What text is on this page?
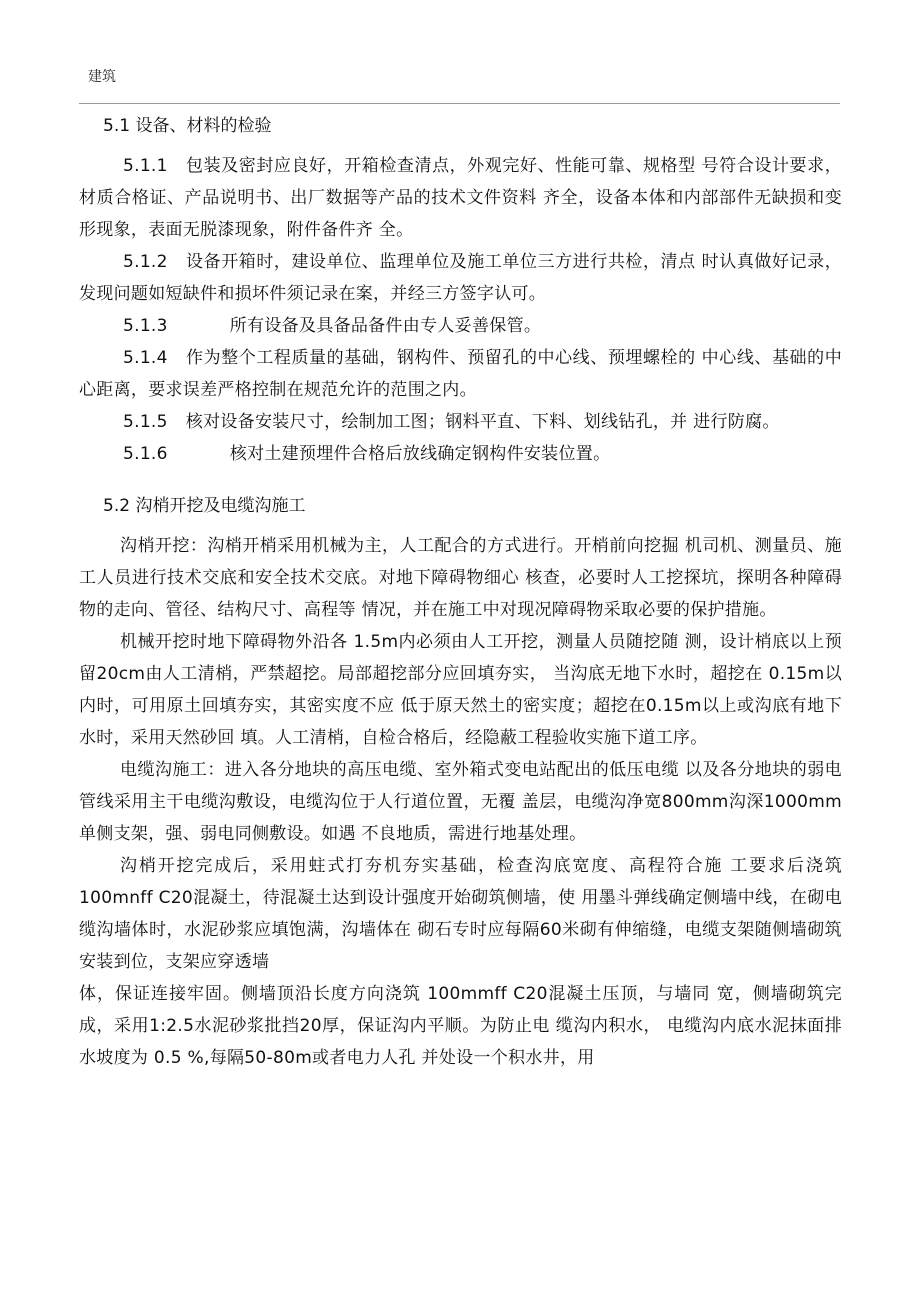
建筑

5.1 设备、材料的检验

5.1.1 包装及密封应良好，开箱检查清点，外观完好、性能可靠、规格型 号符合设计要求，材质合格证、产品说明书、出厂数据等产品的技术文件资料 齐全，设备本体和内部部件无缺损和变形现象，表面无脱漆现象，附件备件齐 全。

5.1.2 设备开箱时，建设单位、监理单位及施工单位三方进行共检，清点 时认真做好记录，发现问题如短缺件和损坏件须记录在案，并经三方签字认可。

5.1.3	所有设备及具备品备件由专人妥善保管。

5.1.4 作为整个工程质量的基础，钢构件、预留孔的中心线、预埋螺栓的 中心线、基础的中心距离，要求误差严格控制在规范允许的范围之内。

5.1.5 核对设备安装尺寸，绘制加工图；钢料平直、下料、划线钻孔，并 进行防腐。

5.1.6	核对土建预埋件合格后放线确定钢构件安装位置。

5.2 沟梢开挖及电缆沟施工

沟梢开挖：沟梢开梢采用机械为主，人工配合的方式进行。开梢前向挖掘 机司机、测量员、施工人员进行技术交底和安全技术交底。对地下障碍物细心 核查，必要时人工挖探坑，探明各种障碍物的走向、管径、结构尺寸、高程等 情况，并在施工中对现况障碍物采取必要的保护措施。

机械开挖时地下障碍物外沿各 1.5m内必须由人工开挖，测量人员随挖随 测，设计梢底以上预留20cm由人工清梢，严禁超挖。局部超挖部分应回填夯实， 当沟底无地下水时，超挖在 0.15m以内时，可用原土回填夯实，其密实度不应 低于原天然土的密实度；超挖在0.15m以上或沟底有地下水时，采用天然砂回 填。人工清梢，自检合格后，经隐蔽工程验收实施下道工序。

电缆沟施工：进入各分地块的高压电缆、室外箱式变电站配出的低压电缆 以及各分地块的弱电管线采用主干电缆沟敷设，电缆沟位于人行道位置，无覆 盖层，电缆沟净宽800mm沟深1000mm单侧支架，强、弱电同侧敷设。如遇 不良地质，需进行地基处理。

沟梢开挖完成后，采用蛀式打夯机夯实基础，检查沟底宽度、高程符合施 工要求后浇筑100mnff C20混凝土，待混凝土达到设计强度开始砌筑侧墙，使 用墨斗弹线确定侧墙中线，在砌电缆沟墙体时，水泥砂浆应填饱满，沟墙体在 砌石专时应每隔60米砌有伸缩缝，电缆支架随侧墙砌筑安装到位，支架应穿透墙

体，保证连接牢固。侧墙顶沿长度方向浇筑 100mmff C20混凝土压顶，与墙同 宽，侧墙砌筑完成，采用1:2.5水泥砂浆批挡20厚，保证沟内平顺。为防止电 缆沟内积水， 电缆沟内底水泥抹面排水坡度为 0.5 %,每隔50-80m或者电力人孔 并处设一个积水井，用
